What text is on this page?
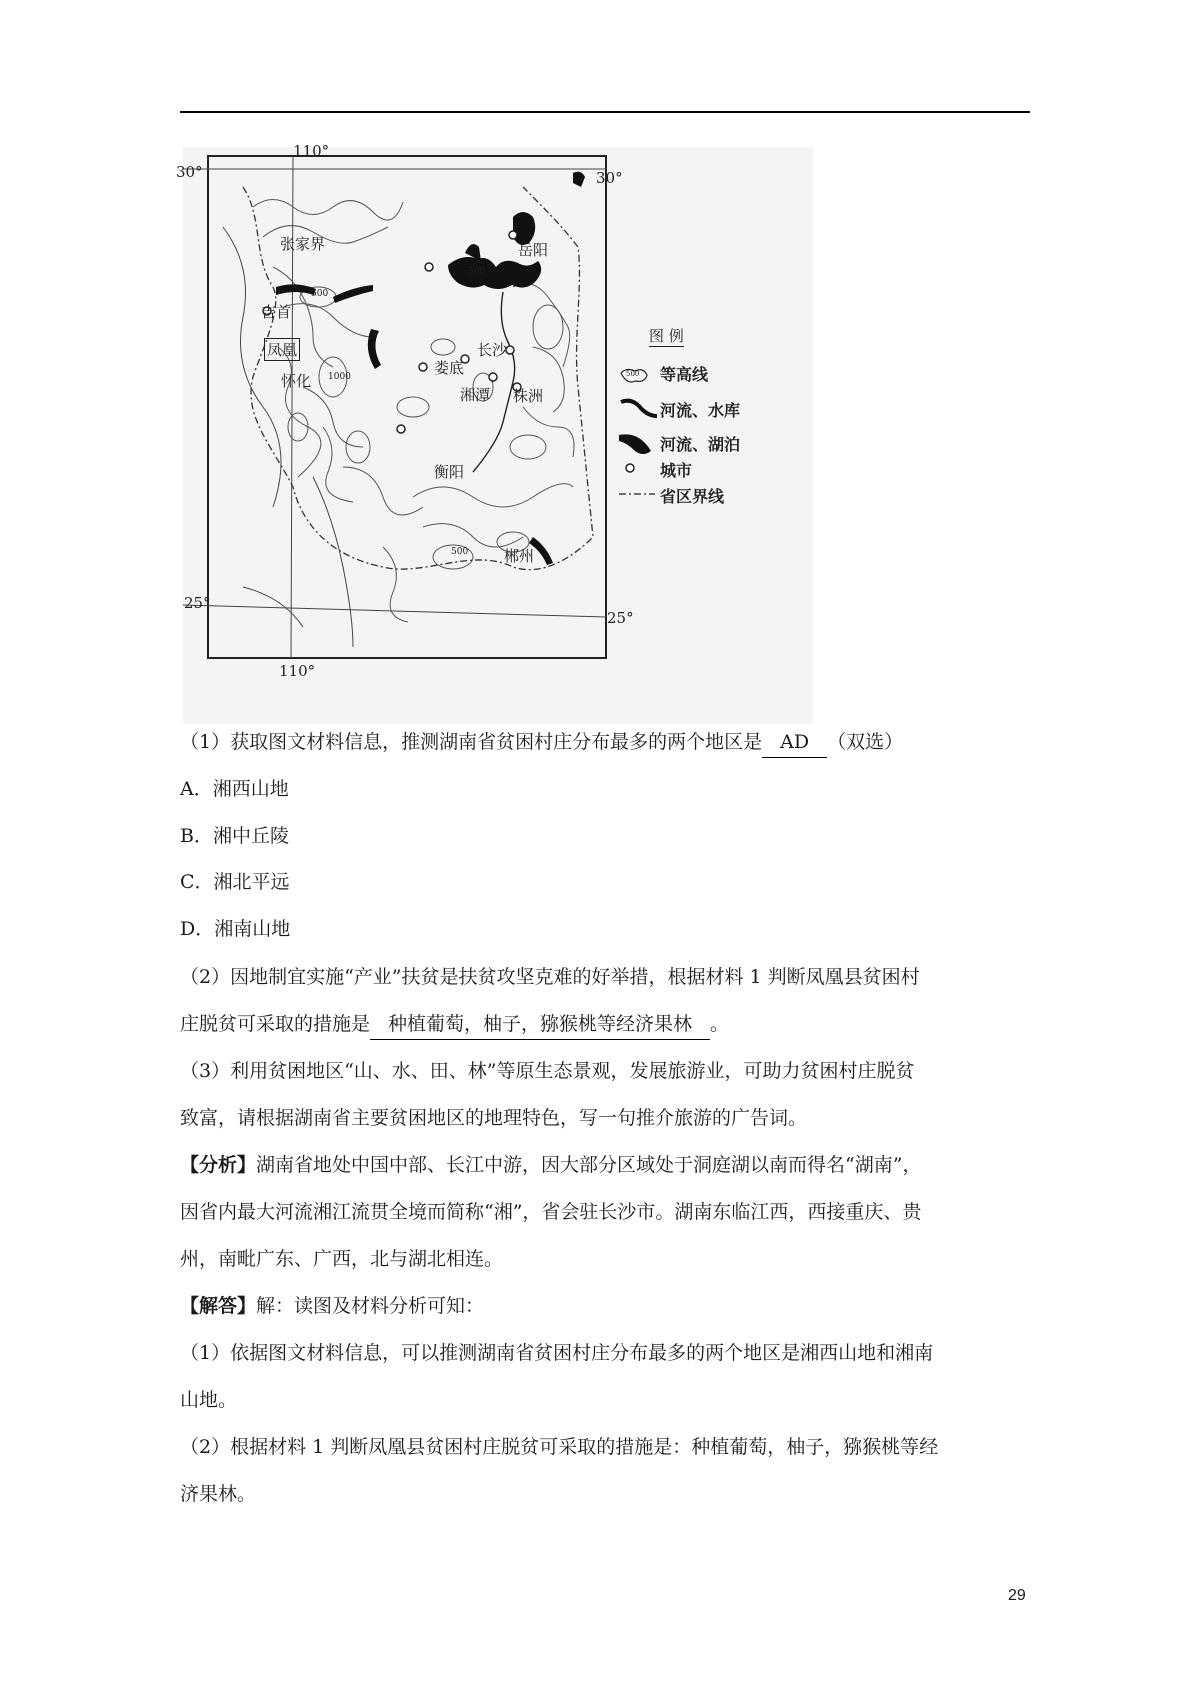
110°
110°
30°	30°
25°
25°
张家界	岳阳
吉首
凤凰
怀化
长沙
娄底
湘潭 株洲
衡阳
郴州
500
500
1000
500
图 例
500 等高线
河流、水库
河流、湖泊
城市
省区界线
（1）获取图文材料信息，推测湖南省贫困村庄分布最多的两个地区是 AD （双选）
A．湘西山地
B．湘中丘陵
C．湘北平远
D．湘南山地
（2）因地制宜实施“产业”扶贫是扶贫攻坚克难的好举措，根据材料 1 判断凤凰县贫困村
庄脱贫可采取的措施是 种植葡萄，柚子，猕猴桃等经济果林 。
（3）利用贫困地区“山、水、田、林”等原生态景观，发展旅游业，可助力贫困村庄脱贫
致富，请根据湖南省主要贫困地区的地理特色，写一句推介旅游的广告词。
【分析】湖南省地处中国中部、长江中游，因大部分区域处于洞庭湖以南而得名“湖南”，
因省内最大河流湘江流贯全境而简称“湘”，省会驻长沙市。湖南东临江西，西接重庆、贵
州，南毗广东、广西，北与湖北相连。
【解答】解：读图及材料分析可知：
（1）依据图文材料信息，可以推测湖南省贫困村庄分布最多的两个地区是湘西山地和湘南
山地。
（2）根据材料 1 判断凤凰县贫困村庄脱贫可采取的措施是：种植葡萄，柚子，猕猴桃等经
济果林。
29
